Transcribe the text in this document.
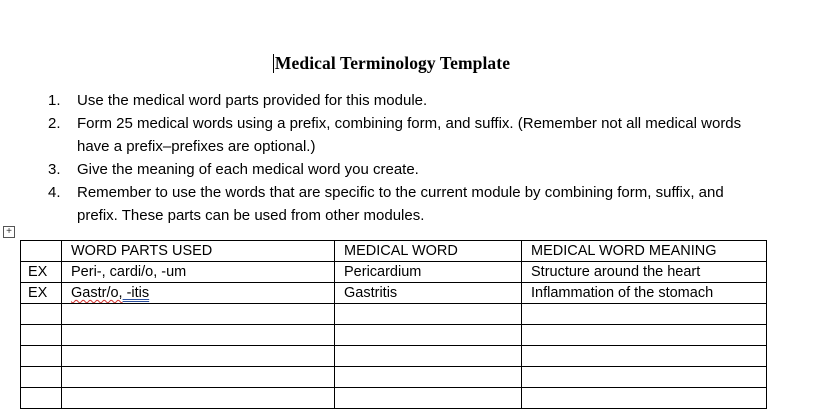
Medical Terminology Template
1. Use the medical word parts provided for this module.
2. Form 25 medical words using a prefix, combining form, and suffix. (Remember not all medical words have a prefix–prefixes are optional.)
3. Give the meaning of each medical word you create.
4. Remember to use the words that are specific to the current module by combining form, suffix, and prefix. These parts can be used from other modules.
+
	WORD PARTS USED	MEDICAL WORD	MEDICAL WORD MEANING
EX	Peri-, cardi/o, -um	Pericardium	Structure around the heart
EX	Gastr/o, -itis	Gastritis	Inflammation of the stomach
